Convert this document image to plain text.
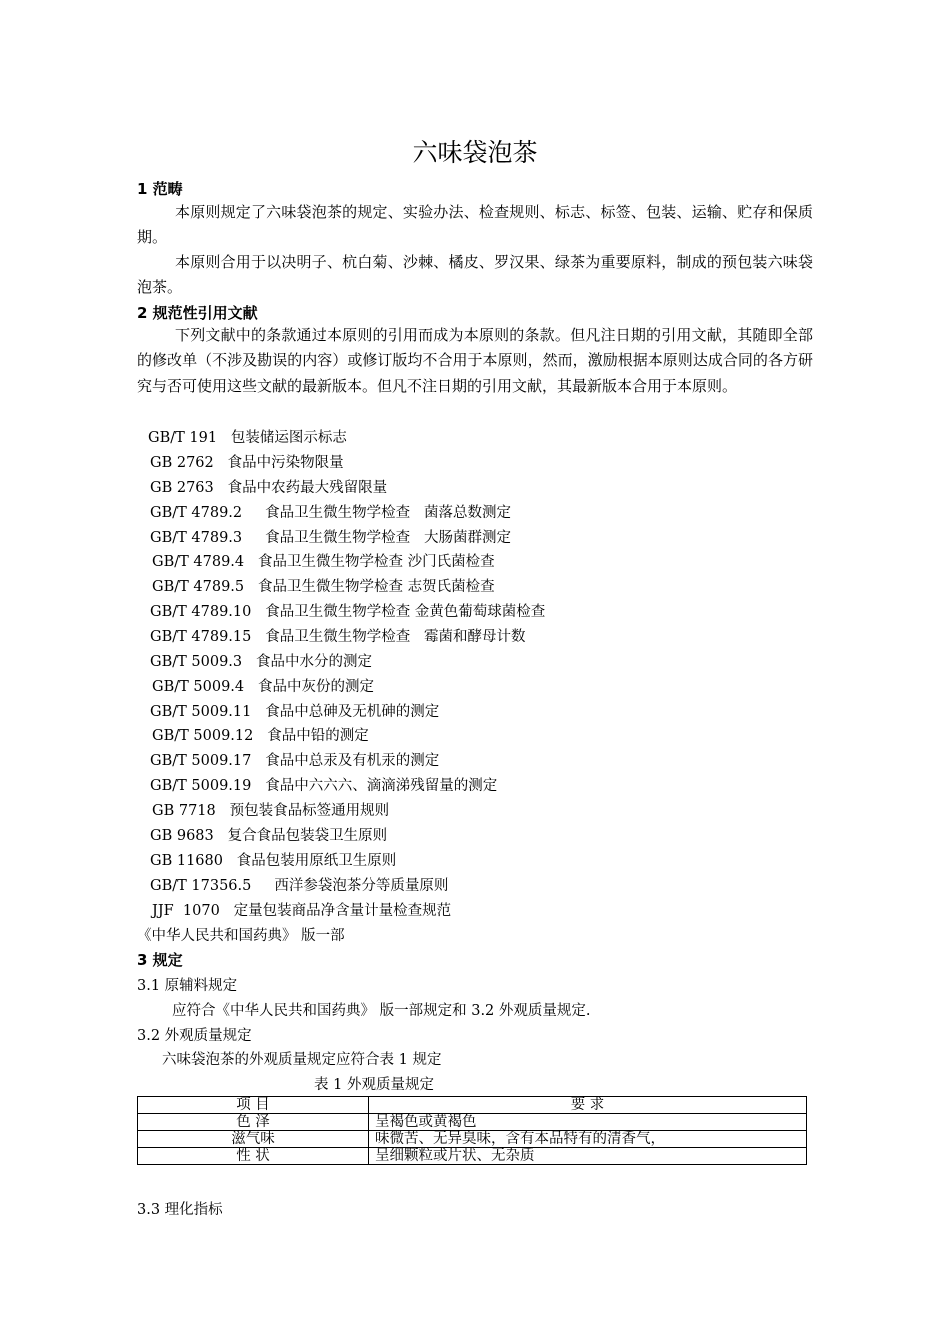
六味袋泡茶
1 范畴
本原则规定了六味袋泡茶的规定、实验办法、检查规则、标志、标签、包装、运输、贮存和保质期。
本原则合用于以决明子、杭白菊、沙棘、橘皮、罗汉果、绿茶为重要原料，制成的预包装六味袋泡茶。
2 规范性引用文献
下列文献中的条款通过本原则的引用而成为本原则的条款。但凡注日期的引用文献，其随即全部的修改单（不涉及勘误的内容）或修订版均不合用于本原则，然而，激励根据本原则达成合同的各方研究与否可使用这些文献的最新版本。但凡不注日期的引用文献，其最新版本合用于本原则。
GB/T 191   包装储运图示标志
GB 2762   食品中污染物限量
GB 2763   食品中农药最大残留限量
GB/T 4789.2     食品卫生微生物学检查   菌落总数测定
GB/T 4789.3     食品卫生微生物学检查   大肠菌群测定
GB/T 4789.4   食品卫生微生物学检查 沙门氏菌检查
GB/T 4789.5   食品卫生微生物学检查 志贺氏菌检查
GB/T 4789.10   食品卫生微生物学检查 金黄色葡萄球菌检查
GB/T 4789.15   食品卫生微生物学检查   霉菌和酵母计数
GB/T 5009.3   食品中水分的测定
GB/T 5009.4   食品中灰份的测定
GB/T 5009.11   食品中总砷及无机砷的测定
GB/T 5009.12   食品中铅的测定
GB/T 5009.17   食品中总汞及有机汞的测定
GB/T 5009.19   食品中六六六、滴滴涕残留量的测定
GB 7718   预包装食品标签通用规则
GB 9683   复合食品包装袋卫生原则
GB 11680   食品包装用原纸卫生原则
GB/T 17356.5     西洋参袋泡茶分等质量原则
JJF  1070   定量包装商品净含量计量检查规范
《中华人民共和国药典》 版一部
3 规定
3.1 原辅料规定
应符合《中华人民共和国药典》 版一部规定和 3.2 外观质量规定.
3.2 外观质量规定
六味袋泡茶的外观质量规定应符合表 1 规定
表 1 外观质量规定
项 目	要 求
色 泽	呈褐色或黄褐色
滋气味	味微苦、无异臭味，含有本品特有的清香气，
性 状	呈细颗粒或片状、无杂质
3.3 理化指标
